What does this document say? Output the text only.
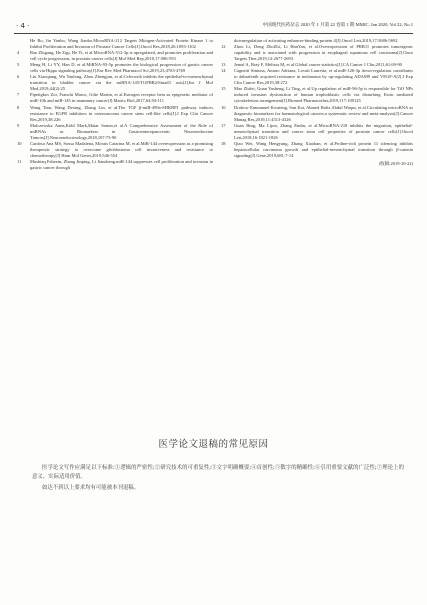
· 4 ·	中国现代医药杂志 2020 年 1 月第 22 卷第 1 期 MMJC, Jan 2020, Vol 22, No.1
He Bo, Jin Yunbo, Wang Jianbo.MicroRNA-212 Targets Mitogen-Activated Protein Kinase 1 to Inhibit Proliferation and Invasion of Prostate Cancer Cells[J].Oncol Res,2018,26:1093-1102
4	Rao Zhigang, He Zigi, He Yi, et al.MicroRNA-512-3p is upregulated, and promotes proliferation and cell cycle progression, in prostate cancer cells[J].Mol Med Rep,2018,17:586-593
5	Meng H, Li YY, Han D, et al.MiRNA-93-5p promotes the biological progression of gastric cancer cells via Hippo signaling pathway[J].Eur Rev Med Pharmacol Sci,2019,23:4763-4769
6	Liu Xiaoqiang, Wu Yanlong, Zhou Zhengjun, et al.Celecoxib inhibits the epithelial-to-mesenchymal transition in bladder cancer via the miRNA-145/TGFBR2/Smad3 axis[J].Int J Mol Med,2019,44(2):25
7	Pipeitgkos Zoi, Franchi Marco, Gilte Martin, et al.Estrogen receptor beta as epigenetic mediator of miR-10b and miR-145 in mammary cancer[J].Matrix Biol,2017,64:94-111
8	Wang Tian, Wang Dexing, Zhang Lin, et al.The TGF β-miR-499a-SHKBP1 pathway induces resistance to EGFR inhibitors in osteosarcoma cancer stem cell-like cells[J].J Exp Clin Cancer Res,2019,38:226
9	Malczewska Anna,Kidd Mark,Matar Somer,et al.A Comprehensive Assessment of the Role of miRNAs as Biomarkers in Gastroenteropancreatic Neuroendocrine Tumors[J].Neuroendocrinology,2018,107:73-90
10	Cardoso Ana MS, Sousa Madalena, Morais Catarina M, et al.MiR-144 overexpression as a promising therapeutic strategy to overcome glioblastoma cell invasiveness and resistance to chemotherapy[J].Hum Mol Genet,2019:546-554
11	Mushtaq Faheem, Zhang Jinping, Li Jiansheng.miR-144 suppresses cell proliferation and invasion in gastric cancer through
downregulation of activating enhancer-binding protein 4[J].Oncol Lett,2019,17:5686-5692
12	Zhou Li, Deng ZhoZhi, Li HanYan, et al.Overexpression of PRR11 promotes tumorigenic capability and is associated with progression in esophageal squamous cell carcinoma[J].Onco Targets Ther,2019,12:2677-2693
13	Jemal A, Bray F, Melissa M, et al.Global cancer statistics[J].CA Cancer J Clin,2011,61:69-90
14	Cagnetti Simona, Amaro Adriana, Levati Lauretta, et al.miR-126-3p down-regulation contributes to dabrafenib acquired resistance in melanoma by up-regulating ADAM9 and VEGF-A[J].J Exp Clin Cancer Res,2019,38:272
15	Mao Zhifei, Guan Yusheng, Li Ting, et al.Up regulation of miR-96-5p is responsible for TiO NPs induced invasion dysfunction of human trophoblastic cells via disturbing Ezrin mediated cytoskeletons arrangement[J].Biomed Pharmacother,2019,117:109125
16	Drokow Emmanuel Kwateng, Sun Kai, Ahmed Hafiz Abdul Waqas, et al.Circulating microRNA as diagnostic biomarkers for haematological cancers:a systematic review and meta-analysis[J].Cancer Manag Res,2019,11:4313-4326
17	Guan Bing, Ma Lijun, Zhang Endin, et al.MicroRNA-218 inhibits the migration, epithelial-mesenchymal transition and cancer stem cell properties of prostate cancer cells[J].Oncol Lett,2018,16:1821-1826
18	Qiao Wei, Wang Hengyang, Zhang Xiaohan, et al.Proline-rich protein 11 silencing inhibits hepatocellular carcinoma growth and epithelial-mesenchymal transition through β-catenin signaling[J].Gene,2019,681:7-14
(收稿:2019-10-22)
医学论文退稿的常见原因
医学论文写作应满足以下标准:①逻辑的严密性;②研究技术的可重复性;③文字明确概要;④首创性;⑤数字的精确性;⑥引用重要文献的广泛性;⑦理论上的意义、实际适用价值。
如达不到以上要求均有可能被本刊退稿。
